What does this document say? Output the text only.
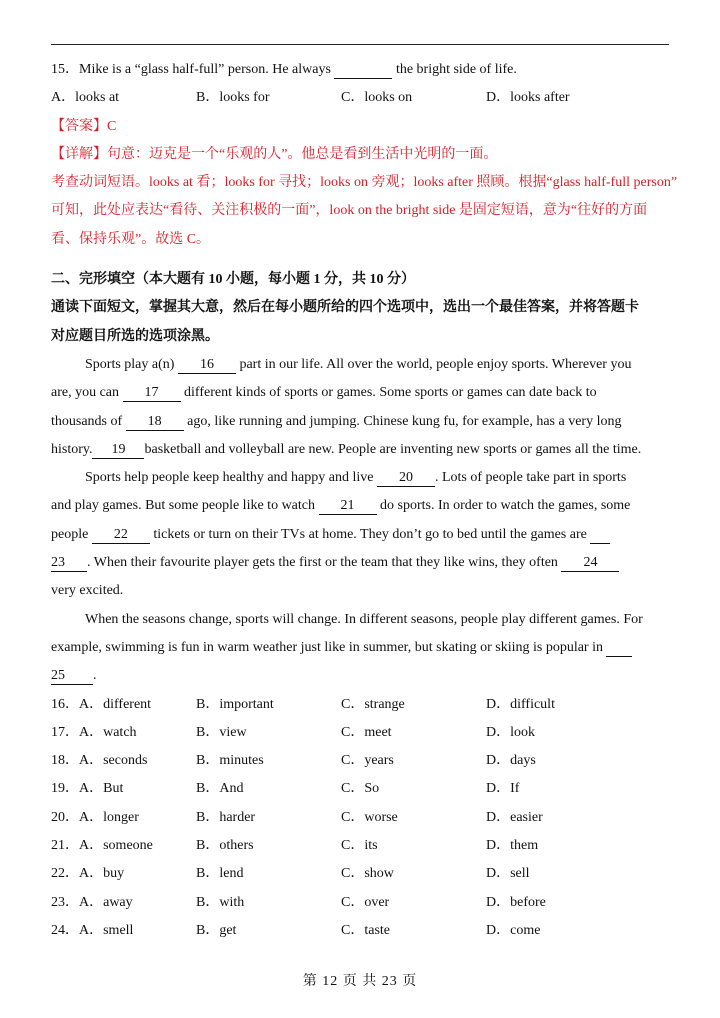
15．Mike is a “glass half-full” person. He always	the bright side of life.
A．looks at	B．looks for	C．looks on	D．looks after
【答案】C
【详解】句意：迈克是一个“乐观的人”。他总是看到生活中光明的一面。
考查动词短语。looks at 看；looks for 寻找；looks on 旁观；looks after 照顾。根据“glass half-full person”
可知，此处应表达“看待、关注积极的一面”，look on the bright side 是固定短语，意为“往好的方面
看、保持乐观”。故选 C。
二、完形填空（本大题有 10 小题，每小题 1 分，共 10 分）
通读下面短文，掌握其大意，然后在每小题所给的四个选项中，选出一个最佳答案，并将答题卡
对应题目所选的选项涂黑。
Sports play a(n) 16 part in our life. All over the world, people enjoy sports. Wherever you
are, you can 17 different kinds of sports or games. Some sports or games can date back to
thousands of 18 ago, like running and jumping. Chinese kung fu, for example, has a very long
history. 19 basketball and volleyball are new. People are inventing new sports or games all the time.
Sports help people keep healthy and happy and live 20 . Lots of people take part in sports
and play games. But some people like to watch 21 do sports. In order to watch the games, some
people 22 tickets or turn on their TVs at home. They don’t go to bed until the games are
23 . When their favourite player gets the first or the team that they like wins, they often 24
very excited.
When the seasons change, sports will change. In different seasons, people play different games. For
example, swimming is fun in warm weather just like in summer, but skating or skiing is popular in
25 .
16．A．different	B．important	C．strange	D．difficult
17．A．watch	B．view	C．meet	D．look
18．A．seconds	B．minutes	C．years	D．days
19．A．But	B．And	C．So	D．If
20．A．longer	B．harder	C．worse	D．easier
21．A．someone	B．others	C．its	D．them
22．A．buy	B．lend	C．show	D．sell
23．A．away	B．with	C．over	D．before
24．A．smell	B．get	C．taste	D．come
第 12 页 共 23 页
